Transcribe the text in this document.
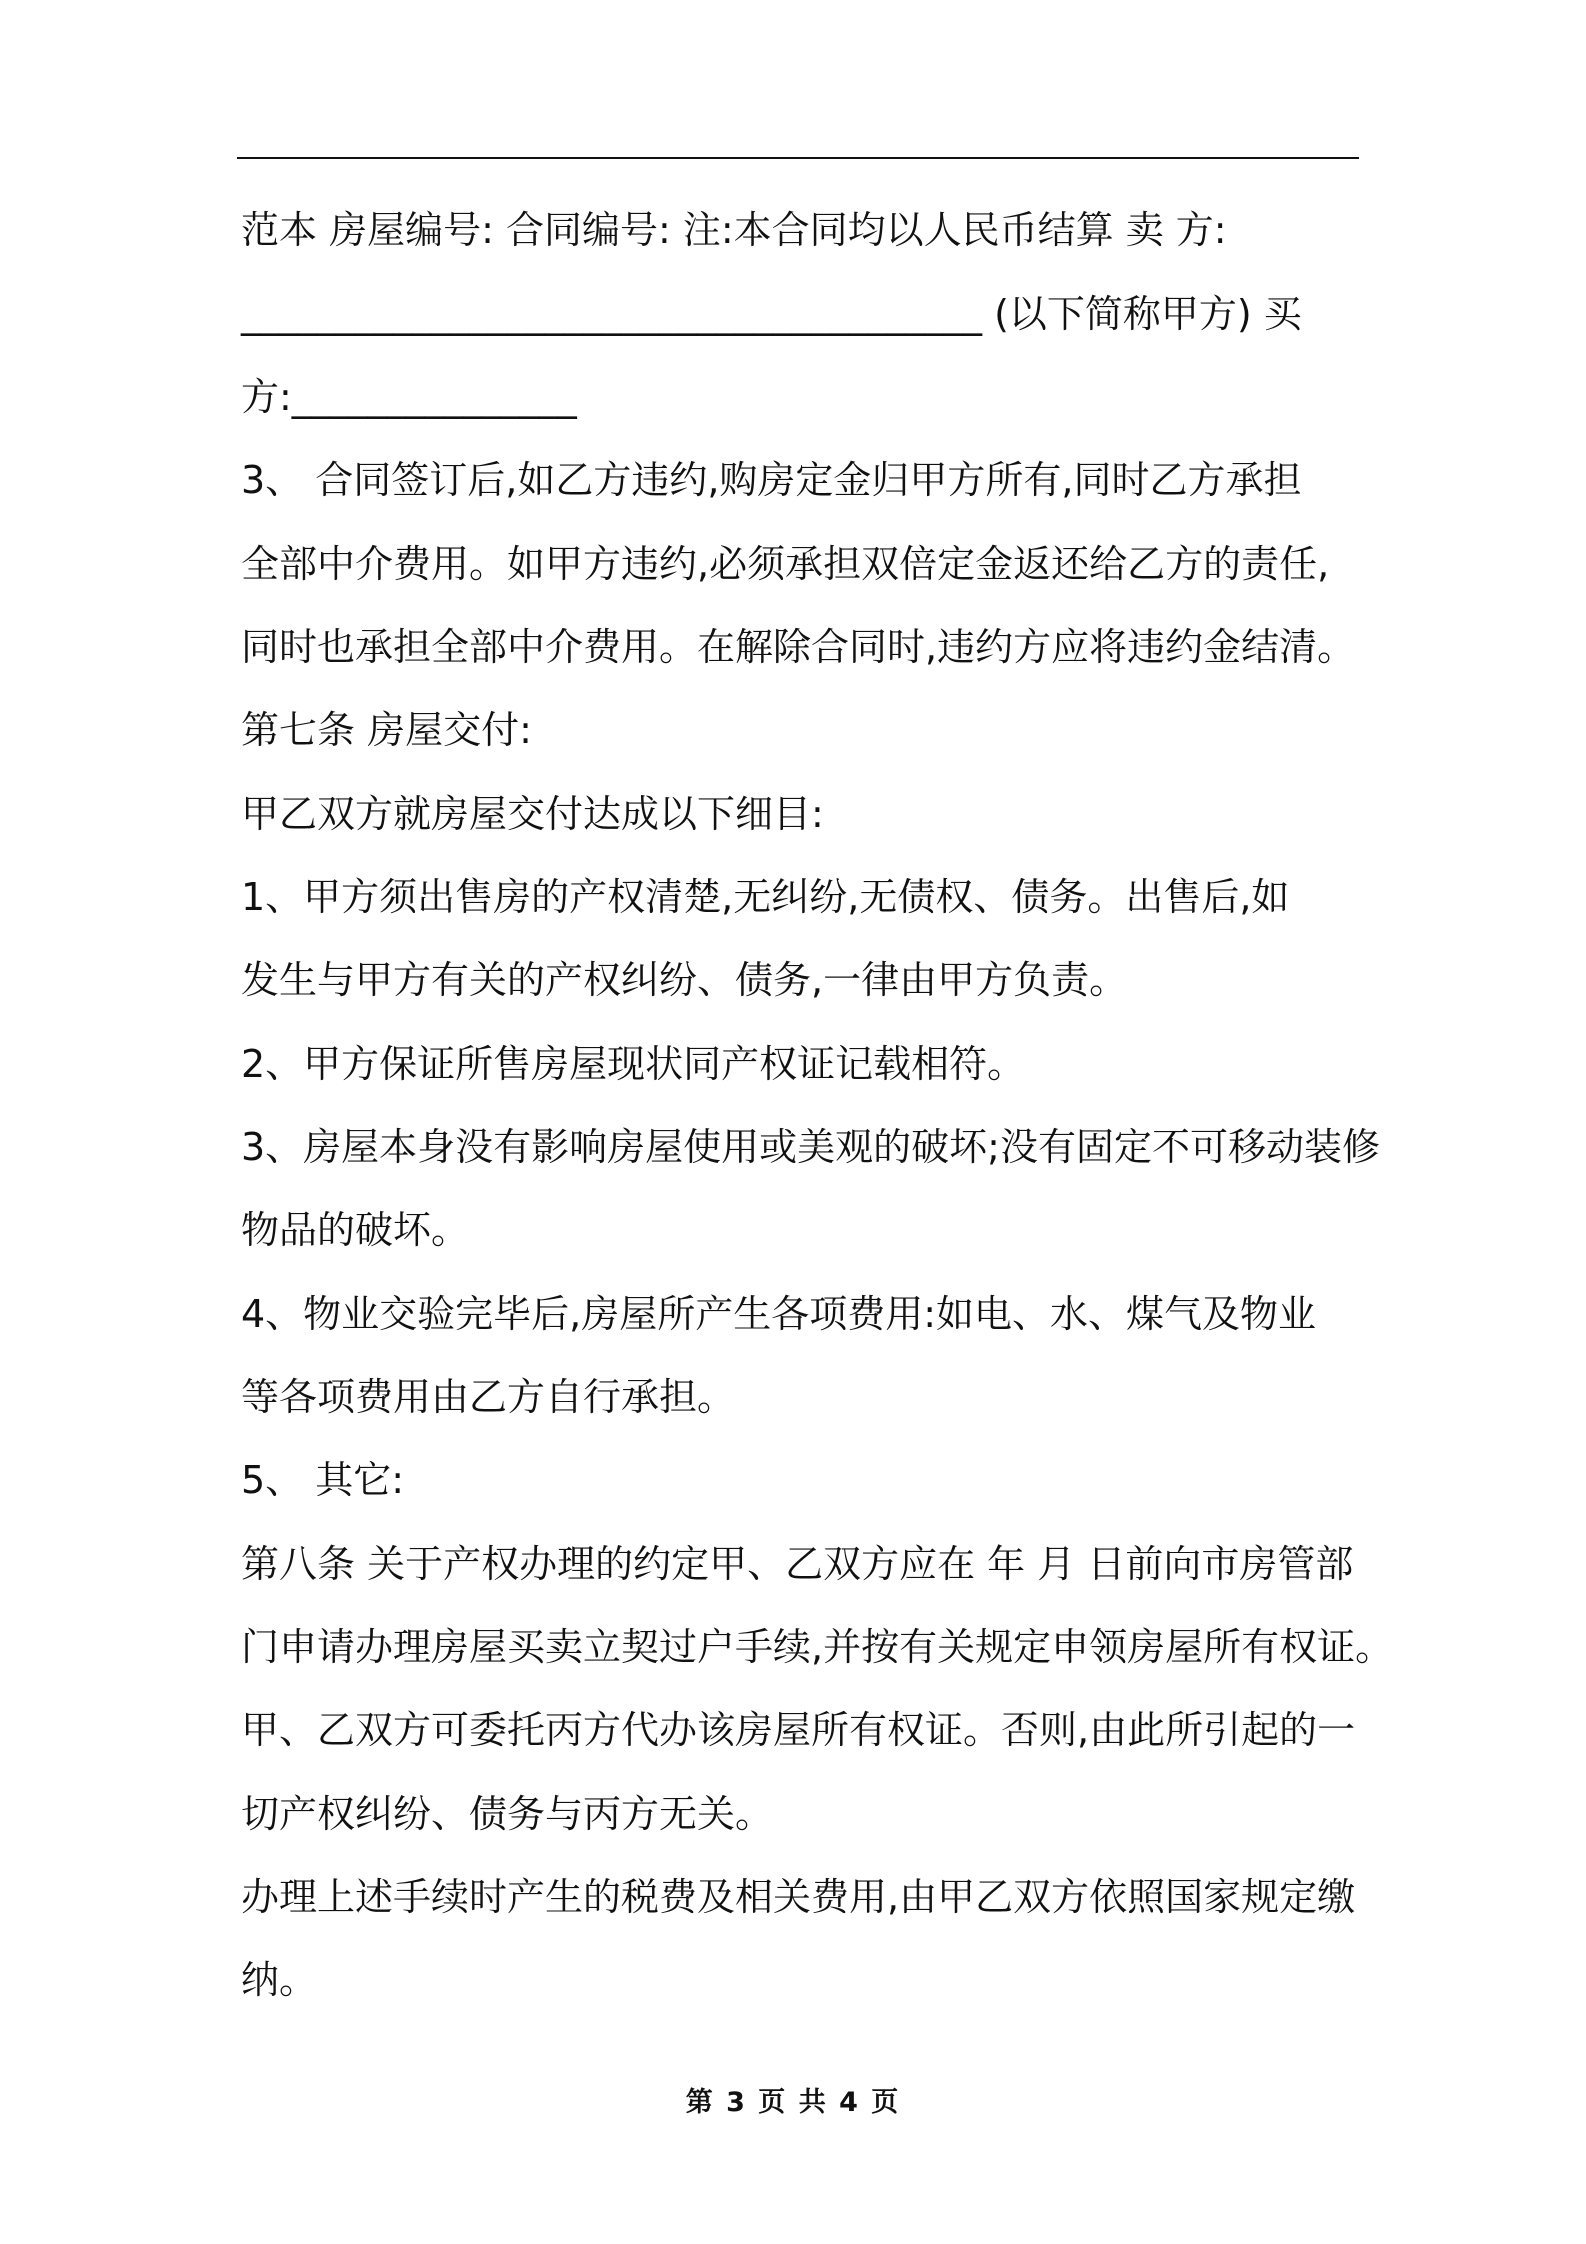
范本 房屋编号: 合同编号: 注:本合同均以人民币结算 卖 方:
_______________________________________ (以下简称甲方) 买
方:_______________
3、 合同签订后,如乙方违约,购房定金归甲方所有,同时乙方承担
全部中介费用。如甲方违约,必须承担双倍定金返还给乙方的责任,
同时也承担全部中介费用。在解除合同时,违约方应将违约金结清。
第七条 房屋交付:
甲乙双方就房屋交付达成以下细目:
1、甲方须出售房的产权清楚,无纠纷,无债权、债务。出售后,如
发生与甲方有关的产权纠纷、债务,一律由甲方负责。
2、甲方保证所售房屋现状同产权证记载相符。
3、房屋本身没有影响房屋使用或美观的破坏;没有固定不可移动装修
物品的破坏。
4、物业交验完毕后,房屋所产生各项费用:如电、水、煤气及物业
等各项费用由乙方自行承担。
5、 其它:
第八条 关于产权办理的约定甲、乙双方应在 年 月 日前向市房管部
门申请办理房屋买卖立契过户手续,并按有关规定申领房屋所有权证。
甲、乙双方可委托丙方代办该房屋所有权证。否则,由此所引起的一
切产权纠纷、债务与丙方无关。
办理上述手续时产生的税费及相关费用,由甲乙双方依照国家规定缴
纳。
第 3 页 共 4 页
